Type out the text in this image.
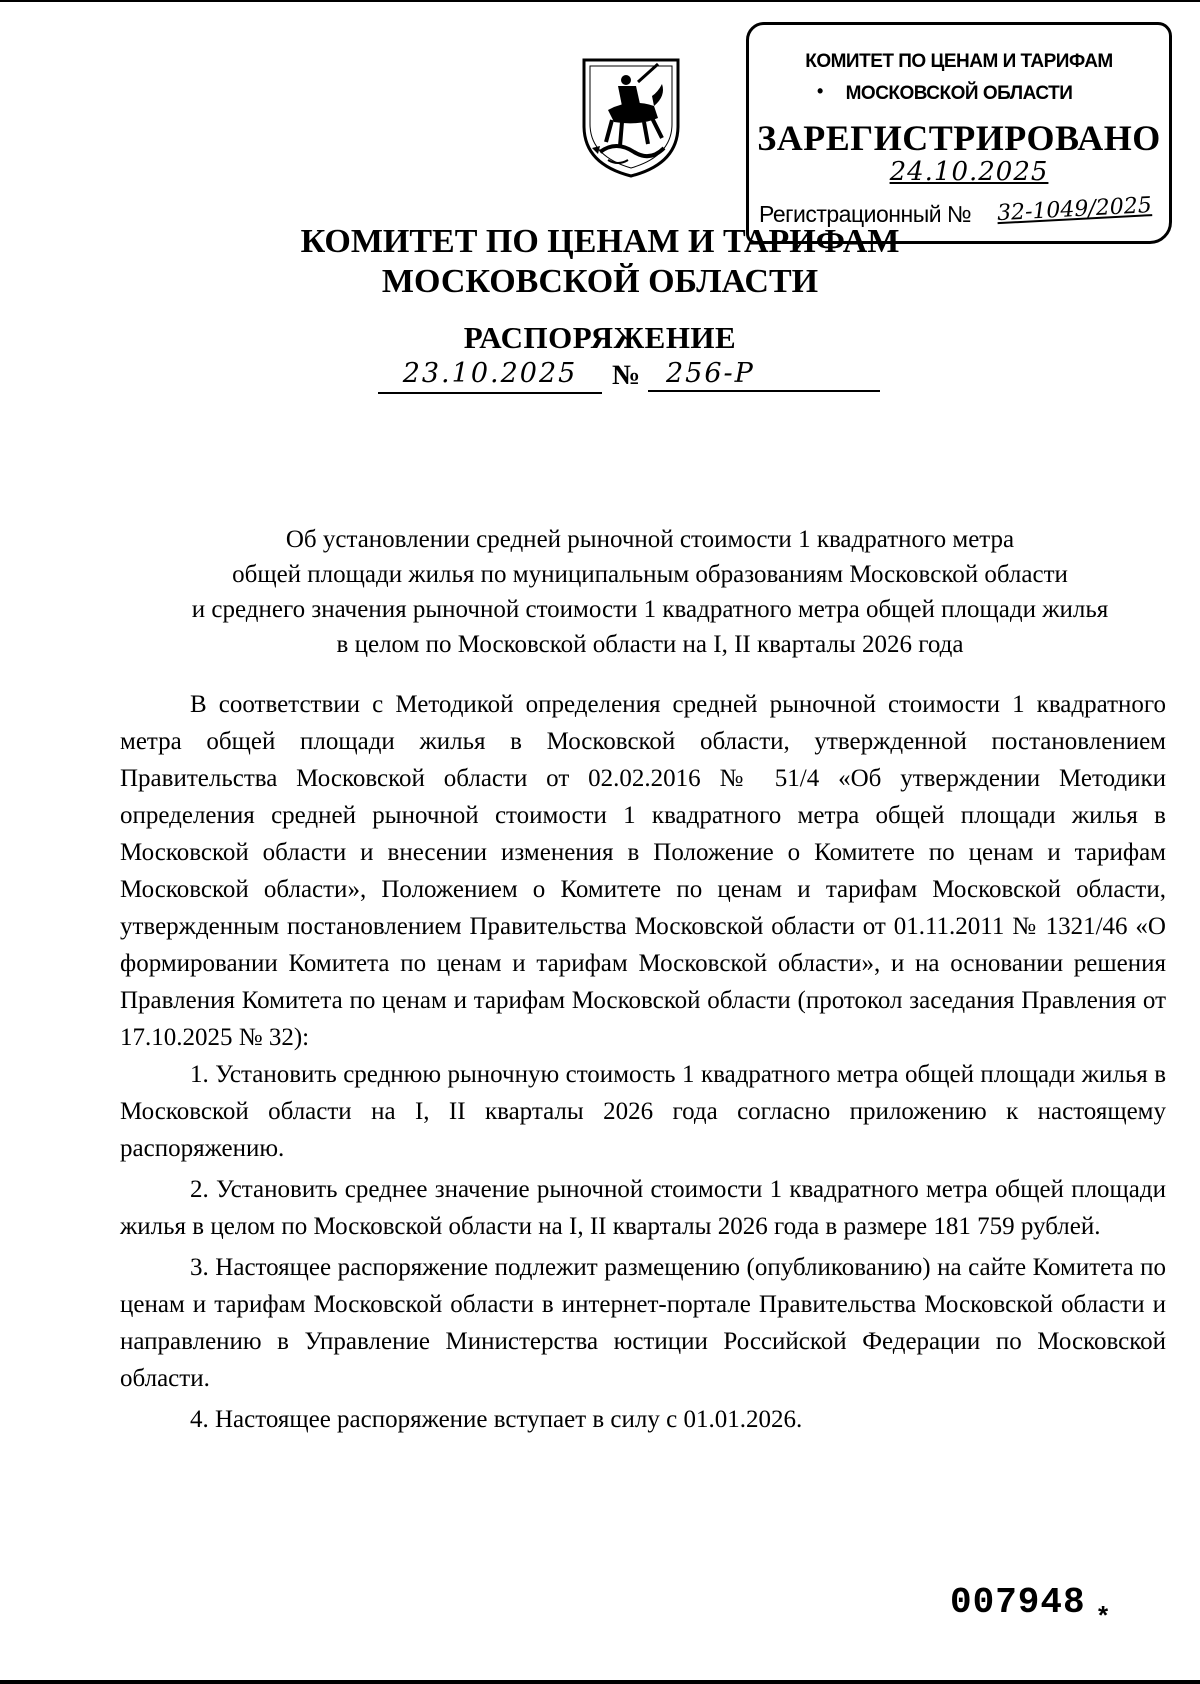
КОМИТЕТ ПО ЦЕНАМ И ТАРИФАМ
•	МОСКОВСКОЙ ОБЛАСТИ
ЗАРЕГИСТРИРОВАНО
24.10.2025
Регистрационный № 32-1049/2025
КОМИТЕТ ПО ЦЕНАМ И ТАРИФАМ
МОСКОВСКОЙ ОБЛАСТИ
РАСПОРЯЖЕНИЕ
23.10.2025	№ 256-Р
Об установлении средней рыночной стоимости 1 квадратного метра
общей площади жилья по муниципальным образованиям Московской области
и среднего значения рыночной стоимости 1 квадратного метра общей площади жилья
в целом по Московской области на I, II кварталы 2026 года

В соответствии с Методикой определения средней рыночной стоимости 1 квадратного метра общей площади жилья в Московской области, утвержденной постановлением Правительства Московской области от 02.02.2016 № 51/4 «Об утверждении Методики определения средней рыночной стоимости 1 квадратного метра общей площади жилья в Московской области и внесении изменения в Положение о Комитете по ценам и тарифам Московской области», Положением о Комитете по ценам и тарифам Московской области, утвержденным постановлением Правительства Московской области от 01.11.2011 № 1321/46 «О формировании Комитета по ценам и тарифам Московской области», и на основании решения Правления Комитета по ценам и тарифам Московской области (протокол заседания Правления от 17.10.2025 № 32):

1. Установить среднюю рыночную стоимость 1 квадратного метра общей площади жилья в Московской области на I, II кварталы 2026 года согласно приложению к настоящему распоряжению.

2. Установить среднее значение рыночной стоимости 1 квадратного метра общей площади жилья в целом по Московской области на I, II кварталы 2026 года в размере 181 759 рублей.

3. Настоящее распоряжение подлежит размещению (опубликованию) на сайте Комитета по ценам и тарифам Московской области в интернет-портале Правительства Московской области и направлению в Управление Министерства юстиции Российской Федерации по Московской области.

4. Настоящее распоряжение вступает в силу с 01.01.2026.

007948 *
